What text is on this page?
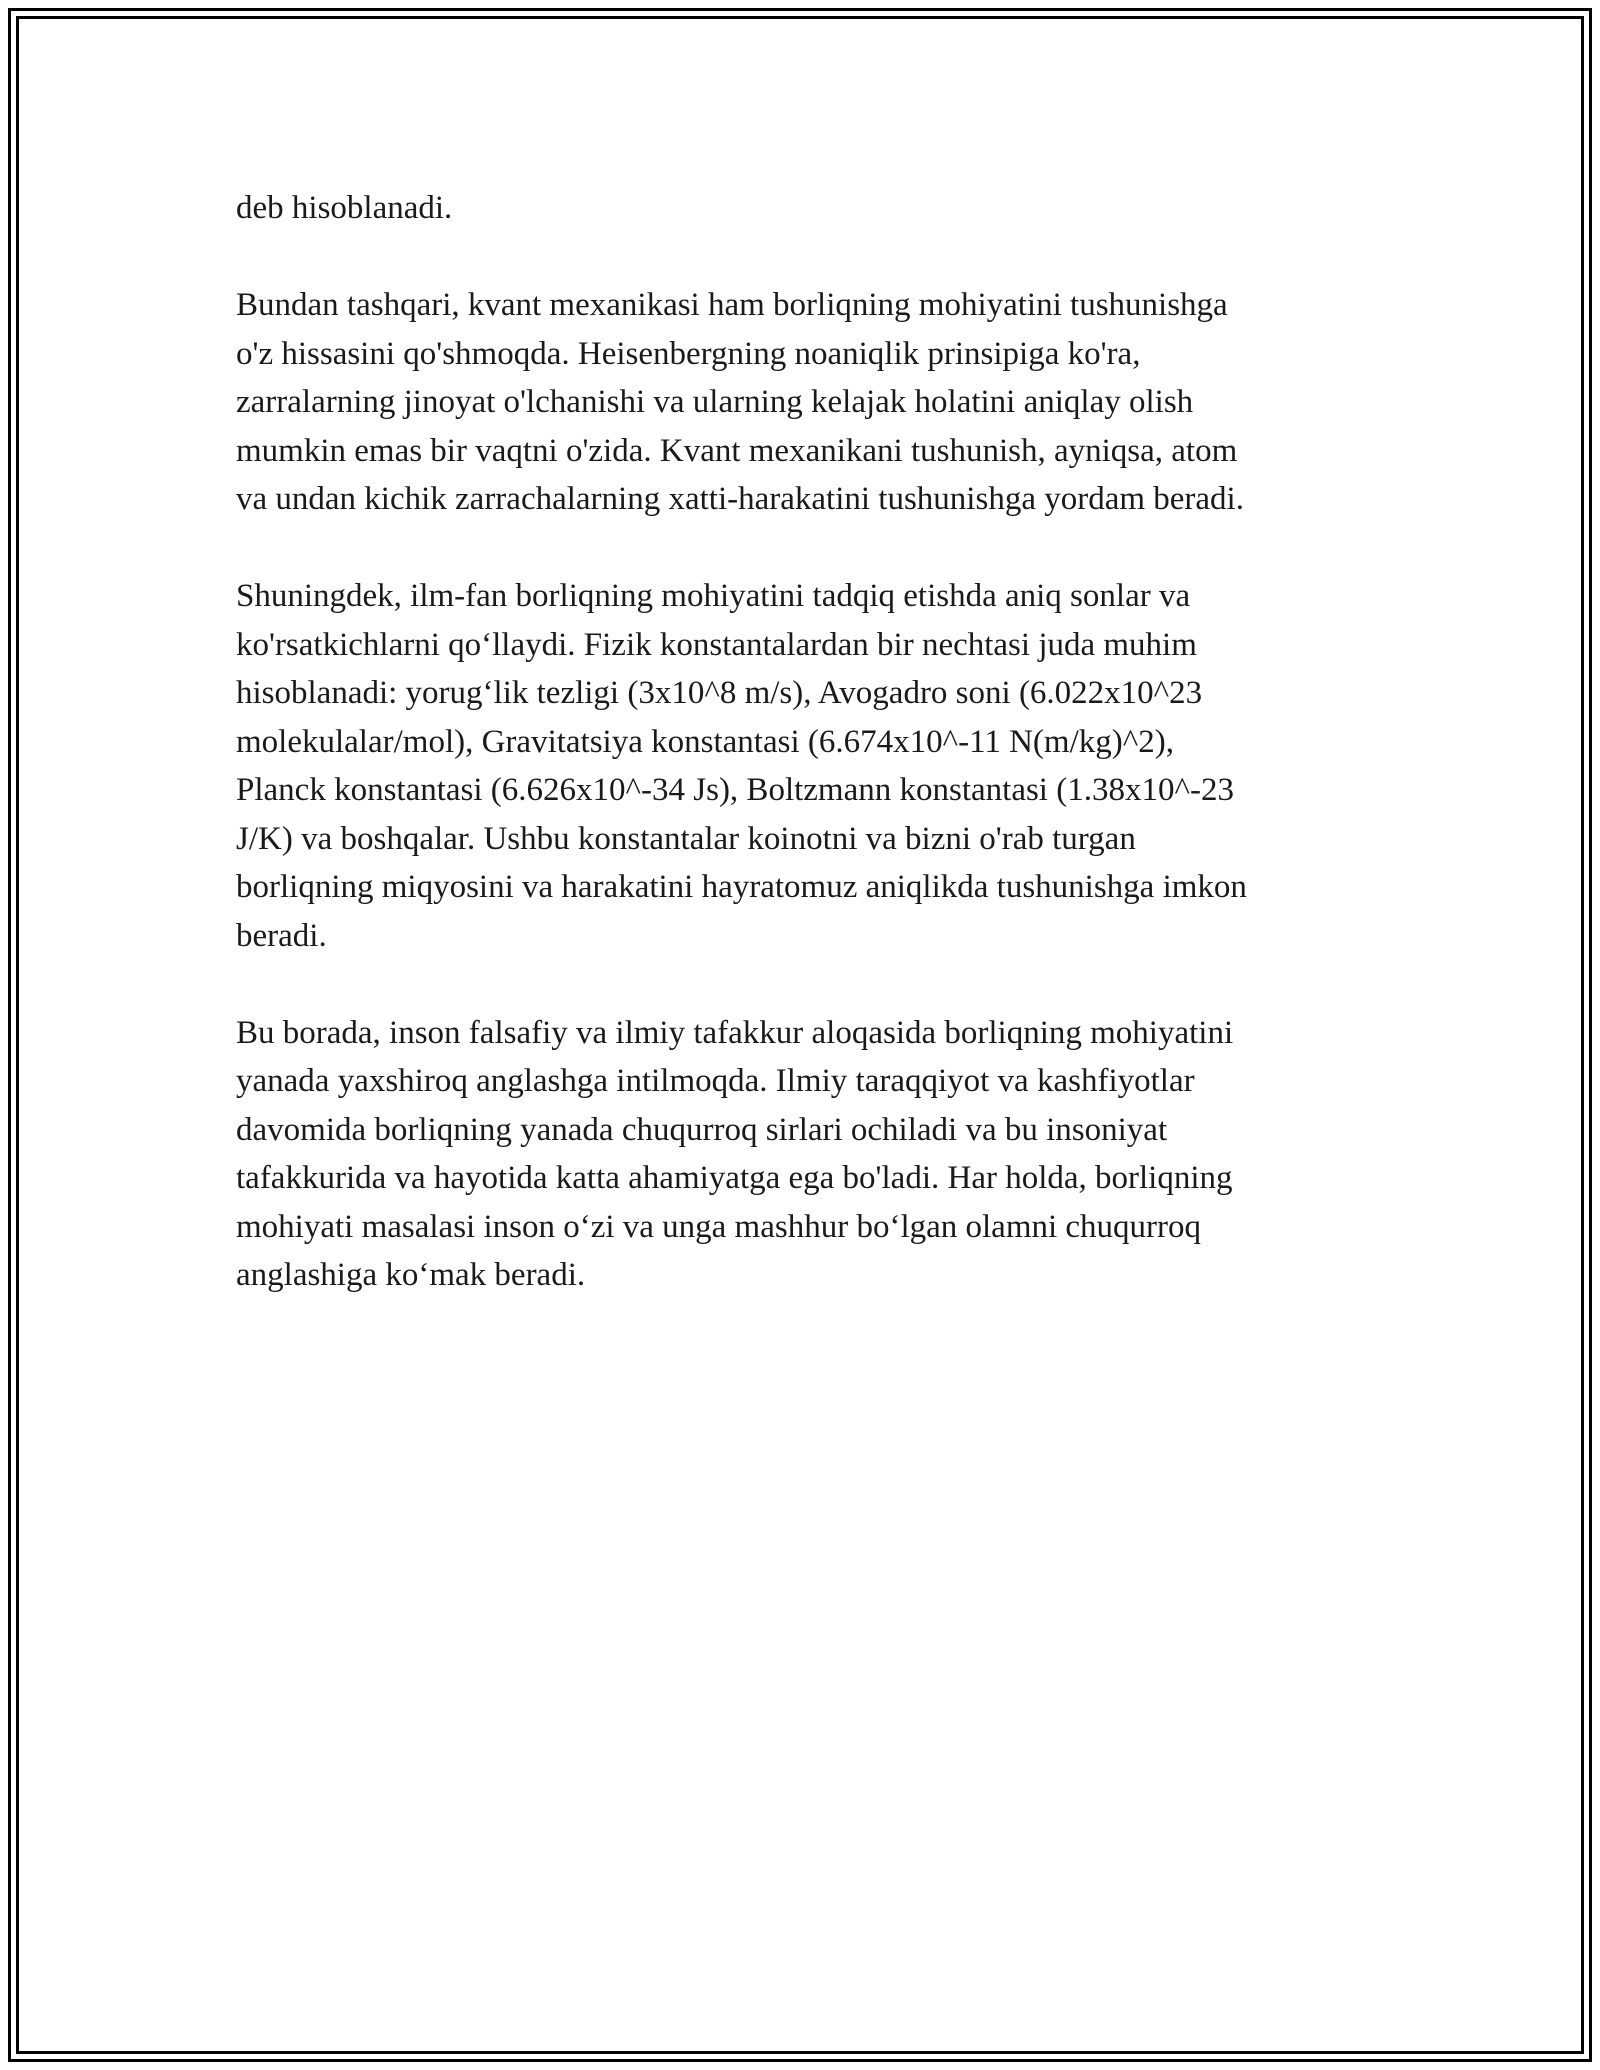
deb hisoblanadi.

Bundan tashqari, kvant mexanikasi ham borliqning mohiyatini tushunishga
o'z hissasini qo'shmoqda. Heisenbergning noaniqlik prinsipiga ko'ra,
zarralarning jinoyat o'lchanishi va ularning kelajak holatini aniqlay olish
mumkin emas bir vaqtni o'zida. Kvant mexanikani tushunish, ayniqsa, atom
va undan kichik zarrachalarning xatti-harakatini tushunishga yordam beradi.

Shuningdek, ilm-fan borliqning mohiyatini tadqiq etishda aniq sonlar va
ko'rsatkichlarni qo‘llaydi. Fizik konstantalardan bir nechtasi juda muhim
hisoblanadi: yorug‘lik tezligi (3x10^8 m/s), Avogadro soni (6.022x10^23
molekulalar/mol), Gravitatsiya konstantasi (6.674x10^-11 N(m/kg)^2),
Planck konstantasi (6.626x10^-34 Js), Boltzmann konstantasi (1.38x10^-23
J/K) va boshqalar. Ushbu konstantalar koinotni va bizni o'rab turgan
borliqning miqyosini va harakatini hayratomuz aniqlikda tushunishga imkon
beradi.

Bu borada, inson falsafiy va ilmiy tafakkur aloqasida borliqning mohiyatini
yanada yaxshiroq anglashga intilmoqda. Ilmiy taraqqiyot va kashfiyotlar
davomida borliqning yanada chuqurroq sirlari ochiladi va bu insoniyat
tafakkurida va hayotida katta ahamiyatga ega bo'ladi. Har holda, borliqning
mohiyati masalasi inson o‘zi va unga mashhur bo‘lgan olamni chuqurroq
anglashiga ko‘mak beradi.
